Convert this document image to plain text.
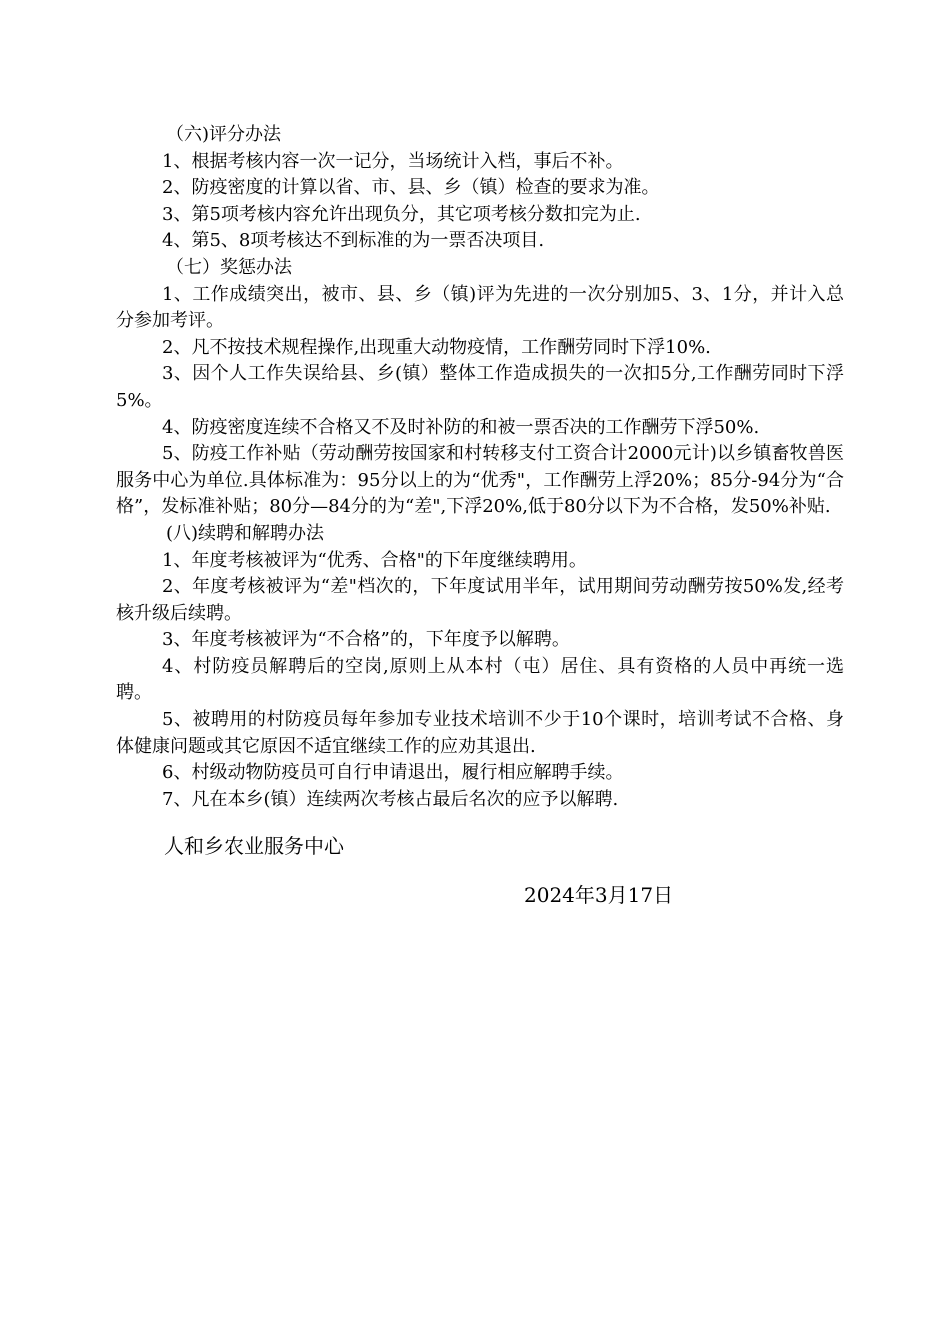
（六)评分办法

1、根据考核内容一次一记分，当场统计入档，事后不补。

2、防疫密度的计算以省、市、县、乡（镇）检查的要求为准。

3、第5项考核内容允许出现负分，其它项考核分数扣完为止.

4、第5、8项考核达不到标准的为一票否决项目.

（七）奖惩办法

1、工作成绩突出，被市、县、乡（镇)评为先进的一次分别加5、3、1分，并计入总分参加考评。

2、凡不按技术规程操作,出现重大动物疫情，工作酬劳同时下浮10%.

3、因个人工作失误给县、乡(镇）整体工作造成损失的一次扣5分,工作酬劳同时下浮5%。

4、防疫密度连续不合格又不及时补防的和被一票否决的工作酬劳下浮50%.

5、防疫工作补贴（劳动酬劳按国家和村转移支付工资合计2000元计)以乡镇畜牧兽医服务中心为单位.具体标准为：95分以上的为“优秀"，工作酬劳上浮20%；85分-94分为“合格”，发标准补贴；80分—84分的为“差",下浮20%,低于80分以下为不合格，发50%补贴.

(八)续聘和解聘办法

1、年度考核被评为“优秀、合格"的下年度继续聘用。

2、年度考核被评为“差"档次的，下年度试用半年，试用期间劳动酬劳按50%发,经考核升级后续聘。

3、年度考核被评为“不合格”的，下年度予以解聘。

4、村防疫员解聘后的空岗,原则上从本村（屯）居住、具有资格的人员中再统一选聘。

5、被聘用的村防疫员每年参加专业技术培训不少于10个课时，培训考试不合格、身体健康问题或其它原因不适宜继续工作的应劝其退出.

6、村级动物防疫员可自行申请退出，履行相应解聘手续。

7、凡在本乡(镇）连续两次考核占最后名次的应予以解聘.

人和乡农业服务中心
2024年3月17日
